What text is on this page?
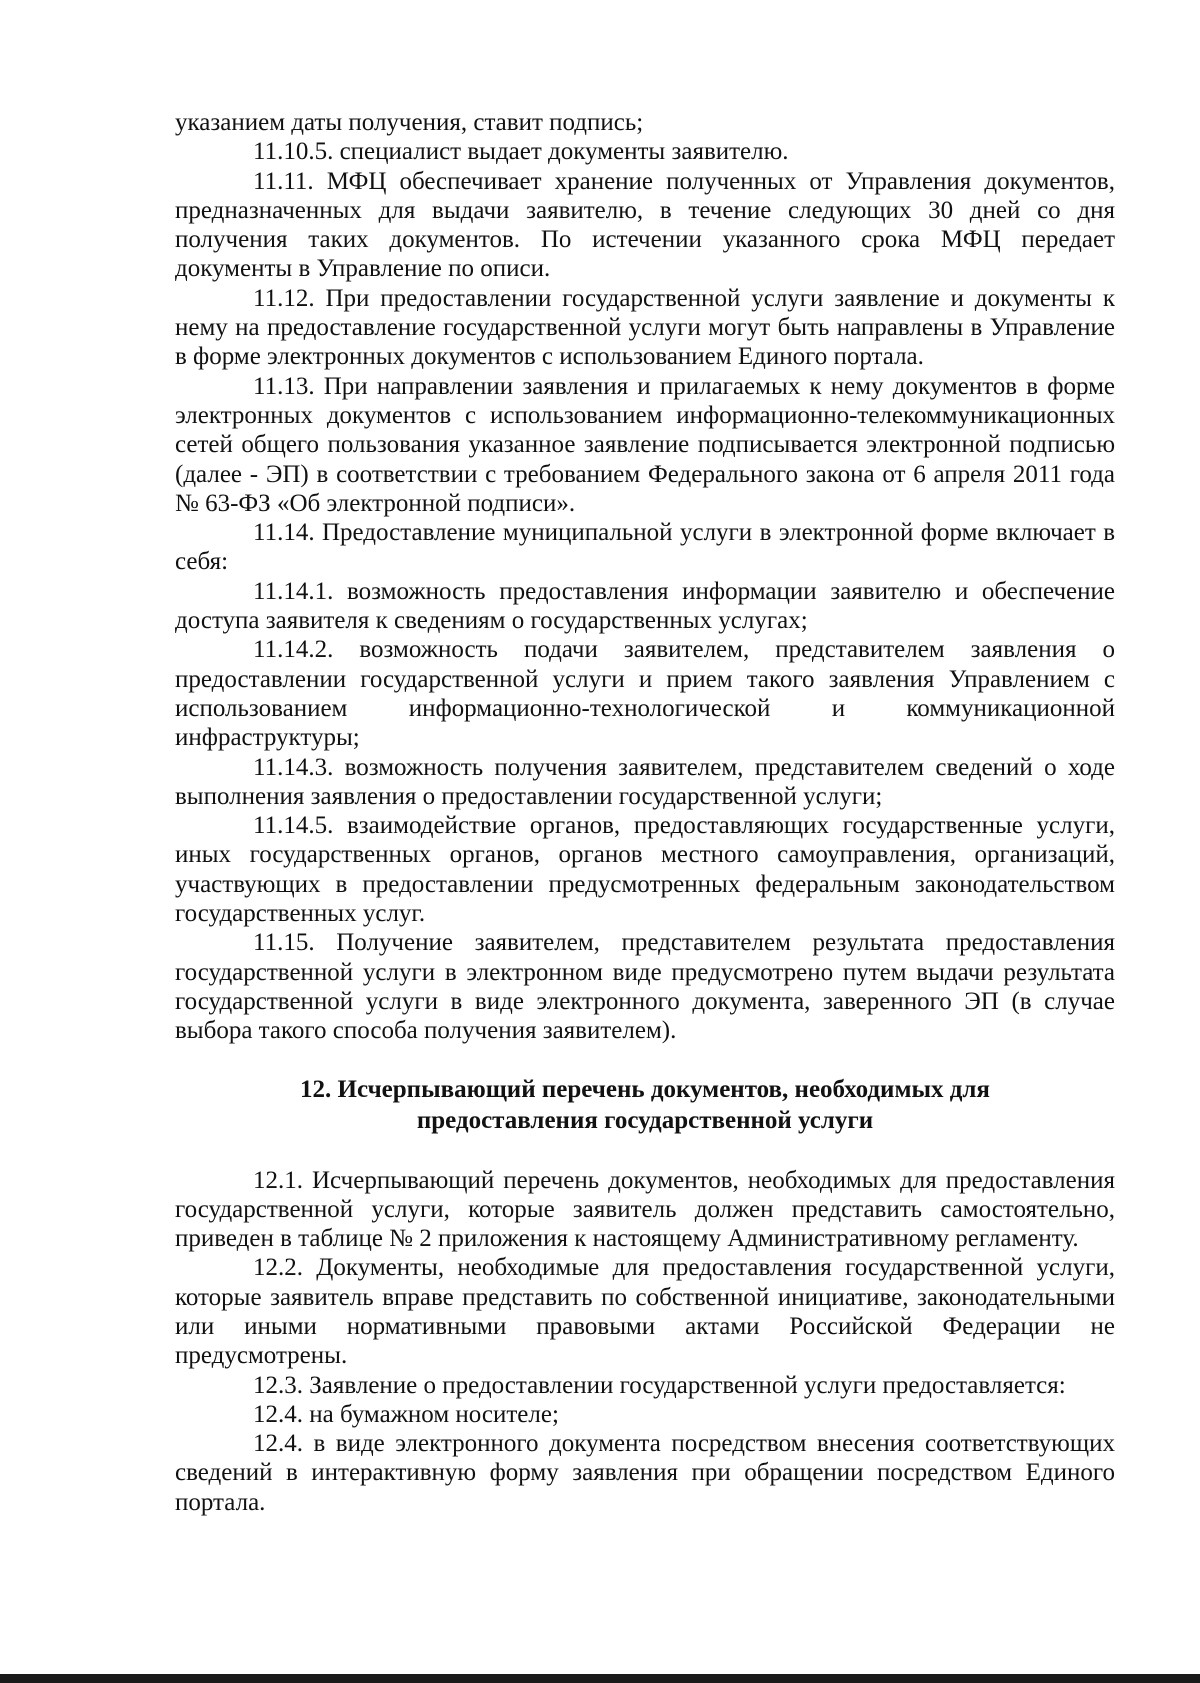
указанием даты получения, ставит подпись;

11.10.5. специалист выдает документы заявителю.

11.11. МФЦ обеспечивает хранение полученных от Управления документов, предназначенных для выдачи заявителю, в течение следующих 30 дней со дня получения таких документов. По истечении указанного срока МФЦ передает документы в Управление по описи.

11.12. При предоставлении государственной услуги заявление и документы к нему на предоставление государственной услуги могут быть направлены в Управление в форме электронных документов с использованием Единого портала.

11.13. При направлении заявления и прилагаемых к нему документов в форме электронных документов с использованием информационно-телекоммуникационных сетей общего пользования указанное заявление подписывается электронной подписью (далее - ЭП) в соответствии с требованием Федерального закона от 6 апреля 2011 года № 63-ФЗ «Об электронной подписи».

11.14. Предоставление муниципальной услуги в электронной форме включает в себя:

11.14.1. возможность предоставления информации заявителю и обеспечение доступа заявителя к сведениям о государственных услугах;

11.14.2. возможность подачи заявителем, представителем заявления о предоставлении государственной услуги и прием такого заявления Управлением с использованием информационно-технологической и коммуникационной инфраструктуры;

11.14.3. возможность получения заявителем, представителем сведений о ходе выполнения заявления о предоставлении государственной услуги;

11.14.5. взаимодействие органов, предоставляющих государственные услуги, иных государственных органов, органов местного самоуправления, организаций, участвующих в предоставлении предусмотренных федеральным законодательством государственных услуг.

11.15. Получение заявителем, представителем результата предоставления государственной услуги в электронном виде предусмотрено путем выдачи результата государственной услуги в виде электронного документа, заверенного ЭП (в случае выбора такого способа получения заявителем).

12. Исчерпывающий перечень документов, необходимых для
предоставления государственной услуги

12.1. Исчерпывающий перечень документов, необходимых для предоставления государственной услуги, которые заявитель должен представить самостоятельно, приведен в таблице № 2 приложения к настоящему Административному регламенту.

12.2. Документы, необходимые для предоставления государственной услуги, которые заявитель вправе представить по собственной инициативе, законодательными или иными нормативными правовыми актами Российской Федерации не предусмотрены.

12.3. Заявление о предоставлении государственной услуги предоставляется:

12.4. на бумажном носителе;

12.4. в виде электронного документа посредством внесения соответствующих сведений в интерактивную форму заявления при обращении посредством Единого портала.
